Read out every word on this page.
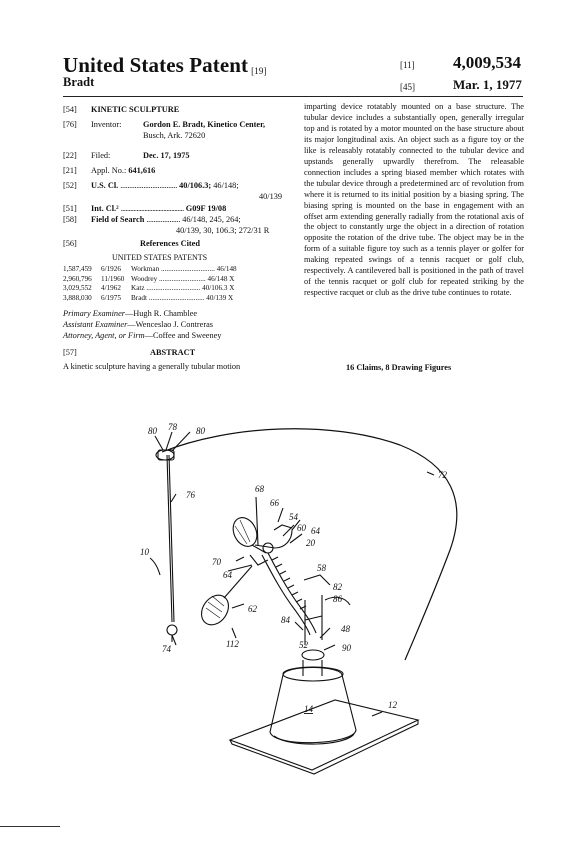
United States Patent $_{[19]}$
Bradt
[11] 4,009,534
[45]	Mar. 1, 1977
[54] KINETIC SCULPTURE
[76] Inventor:	Gordon E. Bradt, Kinetico Center,
Busch, Ark. 72620
[22] Filed:	Dec. 17, 1975
[21] Appl. No.: 641,616
[52] U.S. Cl. ................................ 40/106.3; 46/148;
40/139
[51] Int. Cl.² ........................................ G09F 19/08
[58] Field of Search ................... 46/148, 245, 264;
40/139, 30, 106.3; 272/31 R
[56]	References Cited
UNITED STATES PATENTS
1,587,459 6/1926 Workman .............................. 46/148
2,960,796 11/1960 Woodrey .......................... 46/148 X
3,029,552 4/1962 Katz .............................. 40/106.3 X
3,888,030 6/1975 Bradt ............................... 40/139 X
Primary Examiner—Hugh R. Chamblee
Assistant Examiner—Wenceslao J. Contreras
Attorney, Agent, or Firm—Coffee and Sweeney
[57]	ABSTRACT
A kinetic sculpture having a generally tubular motion
imparting device rotatably mounted on a base structure. The tubular device includes a substantially open, generally irregular top and is rotated by a motor mounted on the base structure about its major longitudinal axis. An object such as a figure toy or the like is releasably rotatably connected to the tubular device and upstands generally upwardly therefrom. The releasable connection includes a spring biased member which rotates with the tubular device through a predetermined arc of revolution from where it is returned to its initial position by a biasing spring. The biasing spring is mounted on the base in engagement with an offset arm extending generally radially from the rotational axis of the object to constantly urge the object in a direction of rotation opposite the rotation of the drive tube. The object may be in the form of a suitable figure toy such as a tennis player or golfer for making repeated swings of a tennis racquet or golf club, respectively. A cantilevered ball is positioned in the path of travel of the tennis racquet or golf club for repeated striking by the respective racquet or club as the drive tube continues to rotate.
16 Claims, 8 Drawing Figures
80 78 80
72
76
10
68
66
54
60 64
20
70
64
58
82
86
62
84
48
52	90
112
74
14	12
